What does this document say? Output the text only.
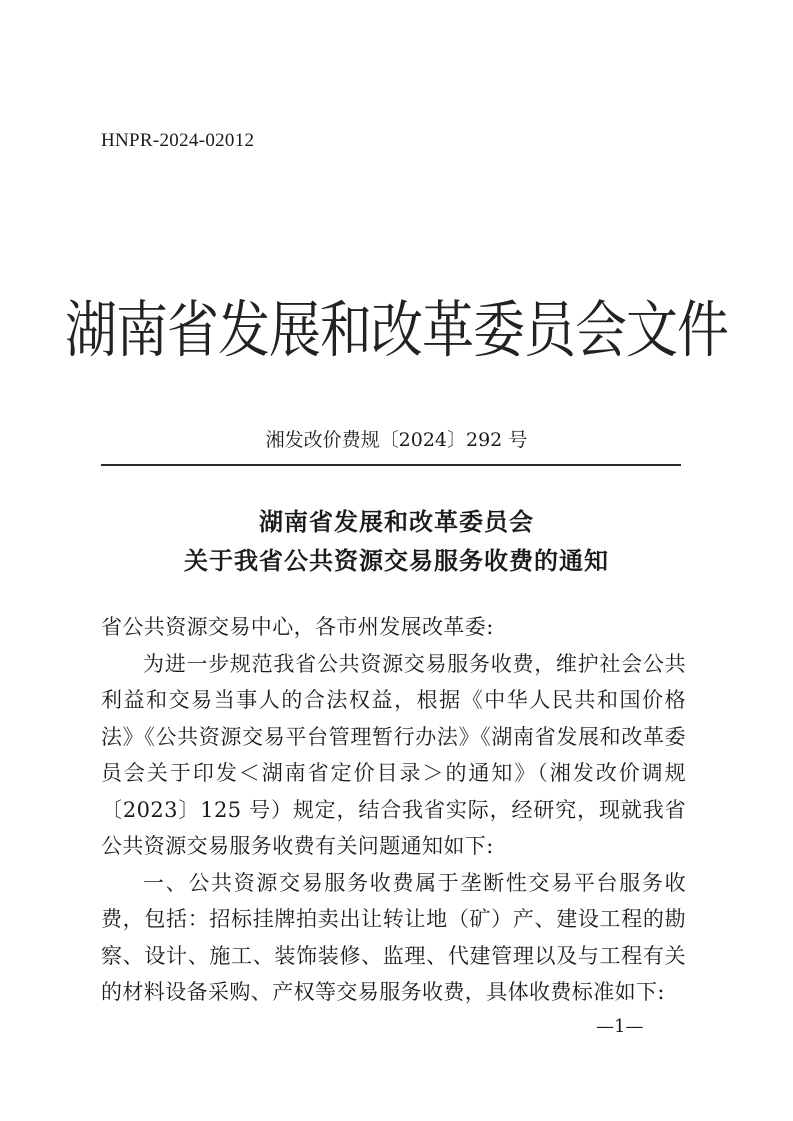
HNPR-2024-02012
湖南省发展和改革委员会文件
湘发改价费规〔2024〕292 号
湖南省发展和改革委员会
关于我省公共资源交易服务收费的通知

省公共资源交易中心，各市州发展改革委:

为进一步规范我省公共资源交易服务收费，维护社会公共利益和交易当事人的合法权益，根据《中华人民共和国价格法》《公共资源交易平台管理暂行办法》《湖南省发展和改革委员会关于印发＜湖南省定价目录＞的通知》（湘发改价调规〔2023〕125 号）规定，结合我省实际，经研究，现就我省公共资源交易服务收费有关问题通知如下:

一、公共资源交易服务收费属于垄断性交易平台服务收费，包括：招标挂牌拍卖出让转让地（矿）产、建设工程的勘察、设计、施工、装饰装修、监理、代建管理以及与工程有关的材料设备采购、产权等交易服务收费，具体收费标准如下:

—1—
